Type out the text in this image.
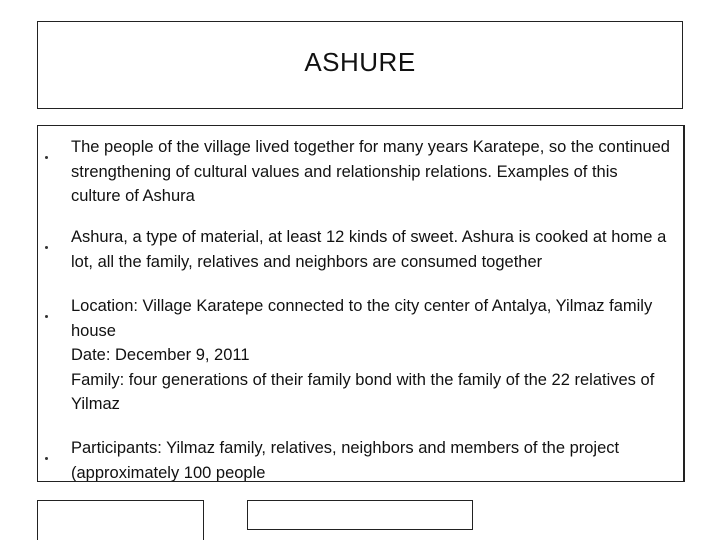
ASHURE
The people of the village lived together for many years Karatepe, so the continued strengthening of cultural values and relationship relations. Examples of this culture of Ashura
Ashura, a type of material, at least 12 kinds of sweet. Ashura is cooked at home a lot, all the family, relatives and neighbors are consumed together
Location: Village Karatepe connected to the city center of Antalya, Yilmaz family house
Date: December 9, 2011
Family: four generations of their family bond with the family of the 22 relatives of Yilmaz
Participants: Yilmaz family, relatives, neighbors and members of the project (approximately 100 people
